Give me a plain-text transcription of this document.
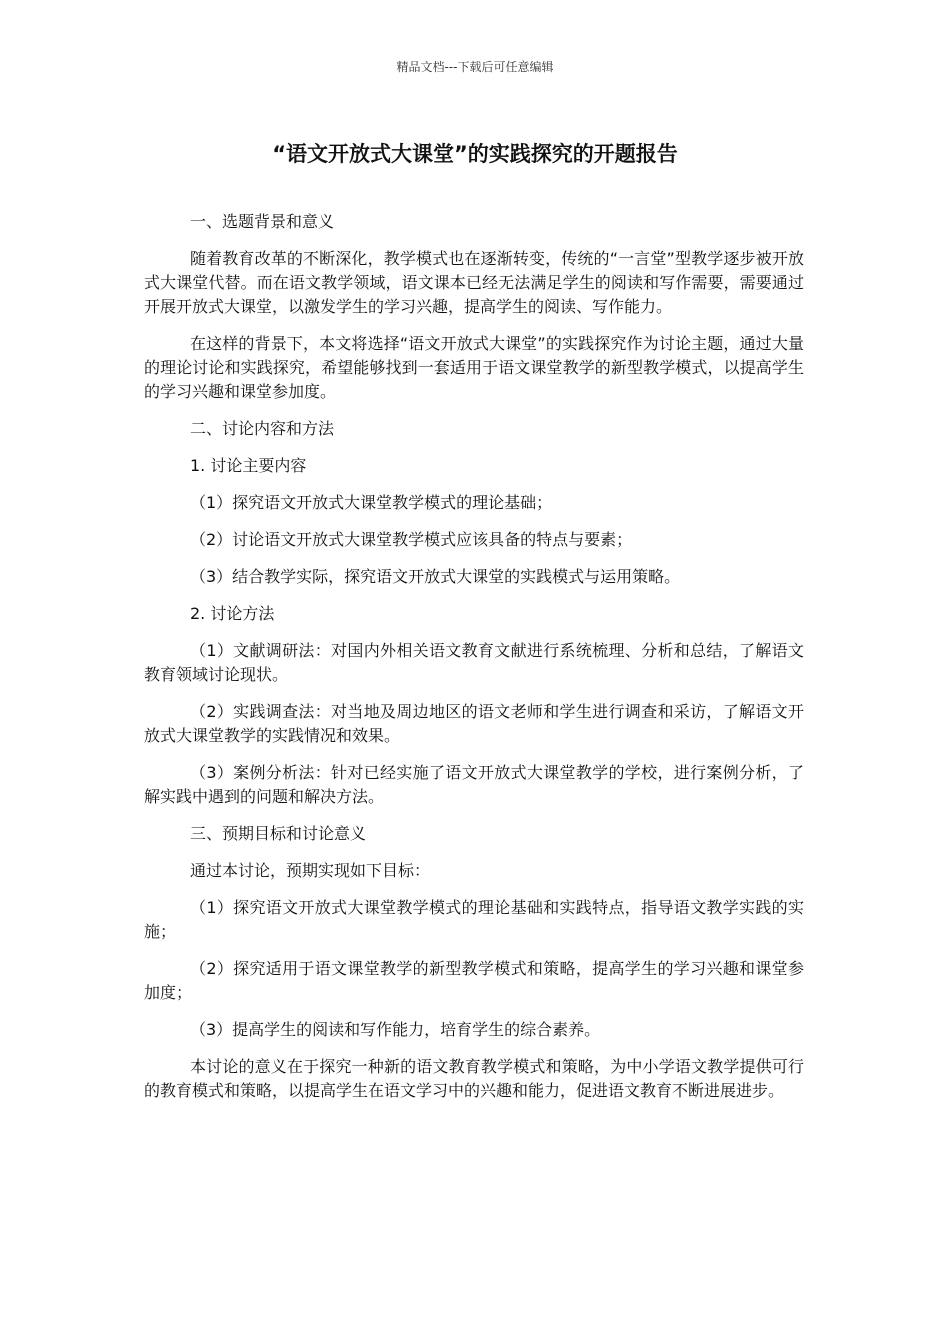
精品文档---下载后可任意编辑
“语文开放式大课堂”的实践探究的开题报告

一、选题背景和意义

随着教育改革的不断深化，教学模式也在逐渐转变，传统的“一言堂”型教学逐步被开放式大课堂代替。而在语文教学领域，语文课本已经无法满足学生的阅读和写作需要，需要通过开展开放式大课堂，以激发学生的学习兴趣，提高学生的阅读、写作能力。

在这样的背景下，本文将选择“语文开放式大课堂”的实践探究作为讨论主题，通过大量的理论讨论和实践探究，希望能够找到一套适用于语文课堂教学的新型教学模式，以提高学生的学习兴趣和课堂参加度。

二、讨论内容和方法

1. 讨论主要内容

（1）探究语文开放式大课堂教学模式的理论基础；

（2）讨论语文开放式大课堂教学模式应该具备的特点与要素；

（3）结合教学实际，探究语文开放式大课堂的实践模式与运用策略。

2. 讨论方法

（1）文献调研法：对国内外相关语文教育文献进行系统梳理、分析和总结，了解语文教育领域讨论现状。

（2）实践调查法：对当地及周边地区的语文老师和学生进行调查和采访，了解语文开放式大课堂教学的实践情况和效果。

（3）案例分析法：针对已经实施了语文开放式大课堂教学的学校，进行案例分析，了解实践中遇到的问题和解决方法。

三、预期目标和讨论意义

通过本讨论，预期实现如下目标：

（1）探究语文开放式大课堂教学模式的理论基础和实践特点，指导语文教学实践的实施；

（2）探究适用于语文课堂教学的新型教学模式和策略，提高学生的学习兴趣和课堂参加度；

（3）提高学生的阅读和写作能力，培育学生的综合素养。

本讨论的意义在于探究一种新的语文教育教学模式和策略，为中小学语文教学提供可行的教育模式和策略，以提高学生在语文学习中的兴趣和能力，促进语文教育不断进展进步。
